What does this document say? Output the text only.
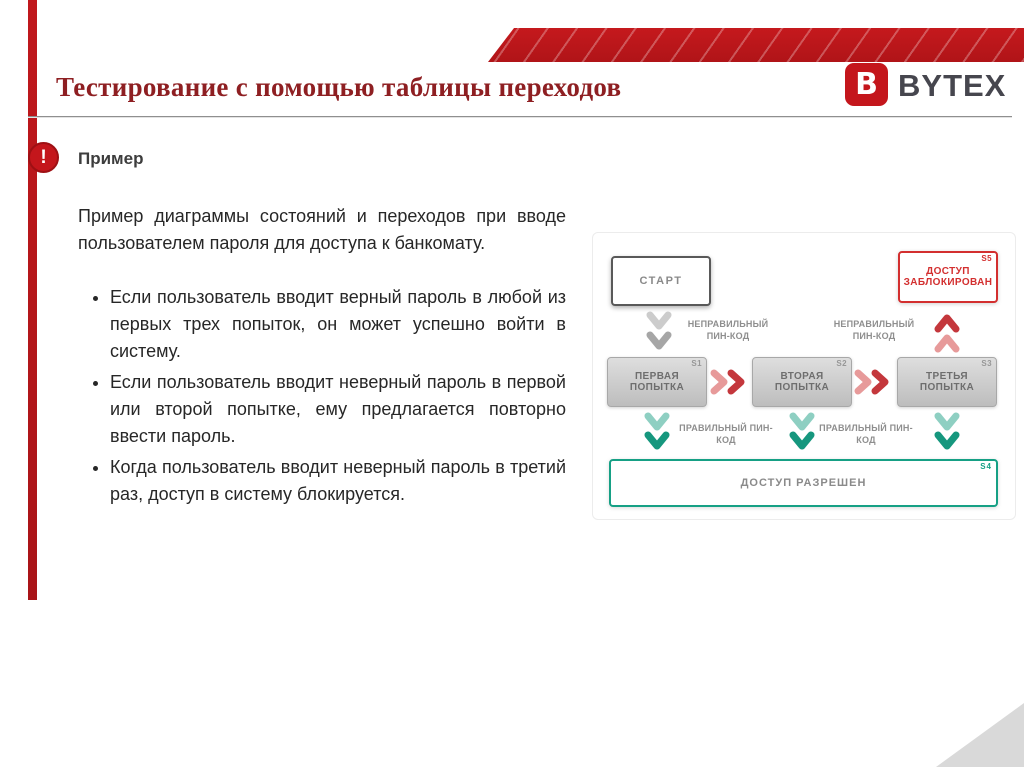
Тестирование с помощью таблицы переходов	B BYTEX
! Пример

Пример диаграммы состояний и переходов при вводе пользователем пароля для доступа к банкомату.

• Если пользователь вводит верный пароль в любой из первых трех попыток, он может успешно войти в систему.
• Если пользователь вводит неверный пароль в первой или второй попытке, ему предлагается повторно ввести пароль.
• Когда пользователь вводит неверный пароль в третий раз, доступ в систему блокируется.
СТАРТ
S5
ДОСТУП ЗАБЛОКИРОВАН
S1
ПЕРВАЯ ПОПЫТКА
S2
ВТОРАЯ ПОПЫТКА
S3
ТРЕТЬЯ ПОПЫТКА
S4
ДОСТУП РАЗРЕШЕН
НЕПРАВИЛЬНЫЙ ПИН-КОД
НЕПРАВИЛЬНЫЙ ПИН-КОД
ПРАВИЛЬНЫЙ ПИН-КОД
ПРАВИЛЬНЫЙ ПИН-КОД
